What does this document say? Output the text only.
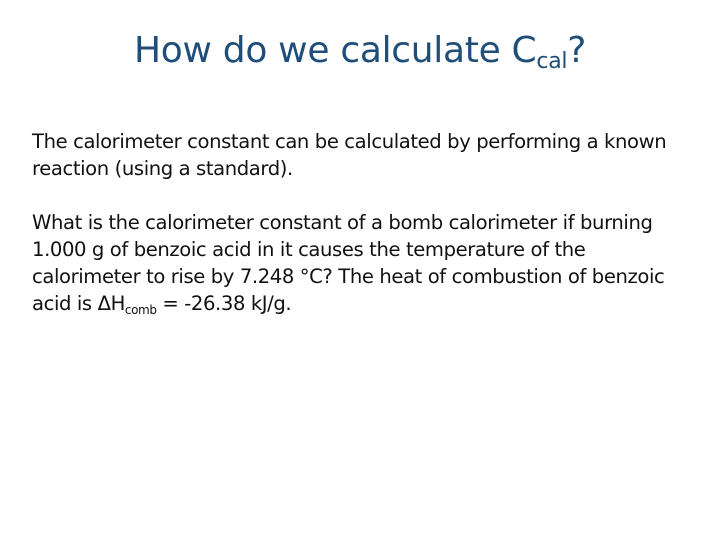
How do we calculate $C_{cal}$?

The calorimeter constant can be calculated by performing a known reaction (using a standard).

What is the calorimeter constant of a bomb calorimeter if burning 1.000 g of benzoic acid in it causes the temperature of the calorimeter to rise by 7.248 °C? The heat of combustion of benzoic acid is $\Delta H_{comb} = -26.38$ kJ/g.
